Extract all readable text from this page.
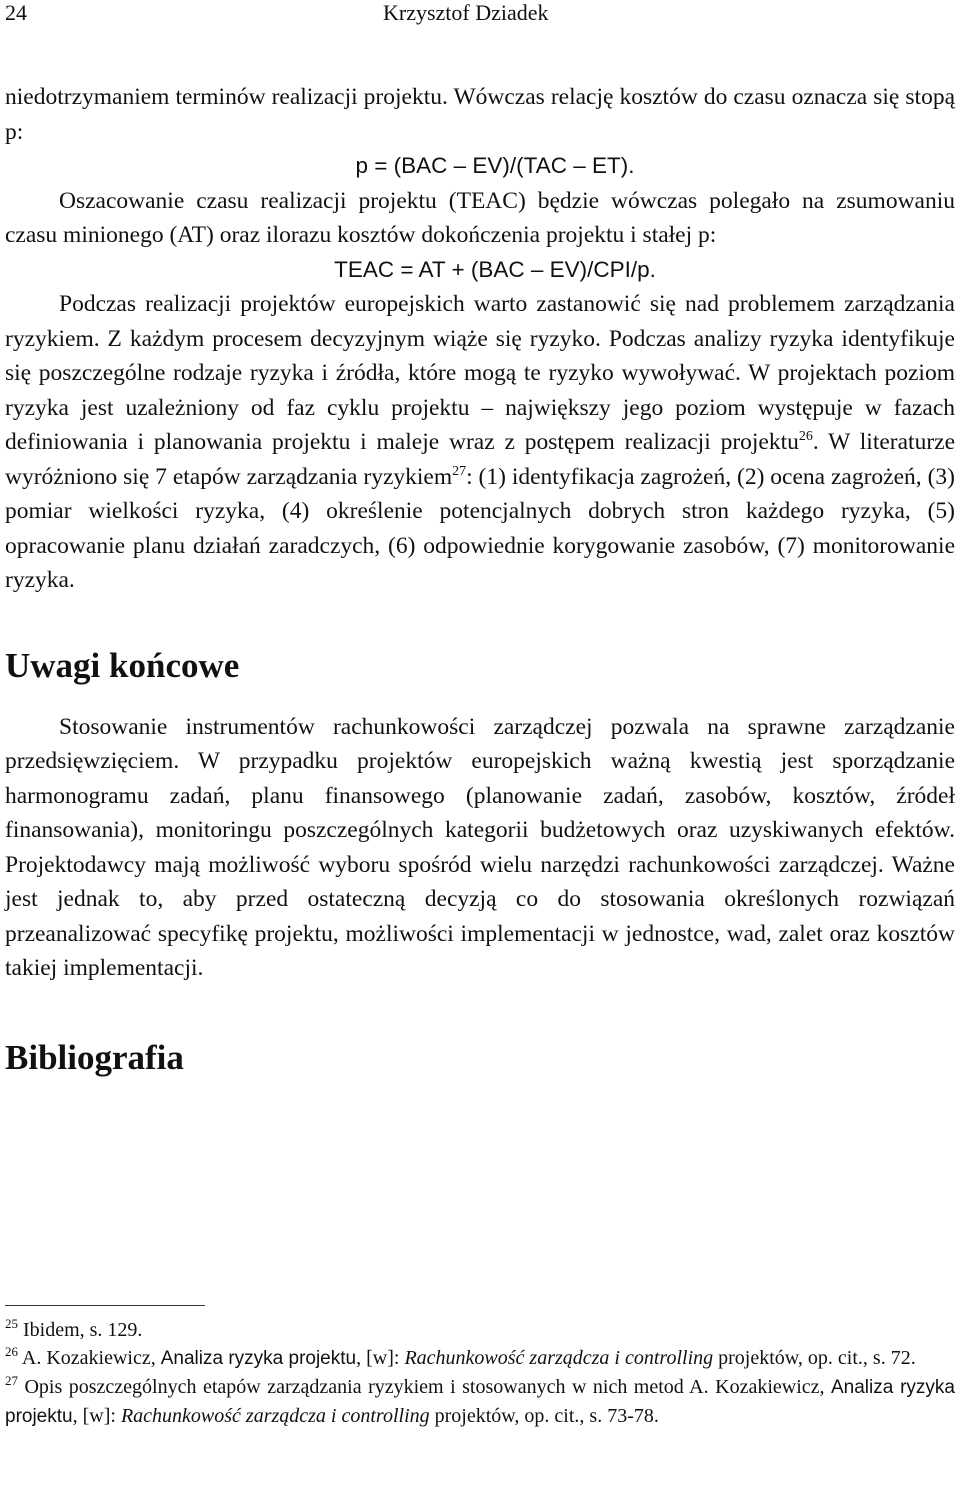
24	Krzysztof Dziadek

niedotrzymaniem terminów realizacji projektu. Wówczas relację kosztów do czasu oznacza się stopą p:

p = (BAC – EV)/(TAC – ET).

Oszacowanie czasu realizacji projektu (TEAC) będzie wówczas polegało na zsumowaniu czasu minionego (AT) oraz ilorazu kosztów dokończenia projektu i stałej p:

TEAC = AT + (BAC – EV)/CPI/p.

Podczas realizacji projektów europejskich warto zastanowić się nad problemem zarządzania ryzykiem. Z każdym procesem decyzyjnym wiąże się ryzyko. Podczas analizy ryzyka identyfikuje się poszczególne rodzaje ryzyka i źródła, które mogą te ryzyko wywoływać. W projektach poziom ryzyka jest uzależniony od faz cyklu projektu – największy jego poziom występuje w fazach definiowania i planowania projektu i maleje wraz z postępem realizacji projektu$^{26}$. W literaturze wyróżniono się 7 etapów zarządzania ryzykiem$^{27}$: (1) identyfikacja zagrożeń, (2) ocena zagrożeń, (3) pomiar wielkości ryzyka, (4) określenie potencjalnych dobrych stron każdego ryzyka, (5) opracowanie planu działań zaradczych, (6) odpowiednie korygowanie zasobów, (7) monitorowanie ryzyka.

Uwagi końcowe

Stosowanie instrumentów rachunkowości zarządczej pozwala na sprawne zarządzanie przedsięwzięciem. W przypadku projektów europejskich ważną kwestią jest sporządzanie harmonogramu zadań, planu finansowego (planowanie zadań, zasobów, kosztów, źródeł finansowania), monitoringu poszczególnych kategorii budżetowych oraz uzyskiwanych efektów. Projektodawcy mają możliwość wyboru spośród wielu narzędzi rachunkowości zarządczej. Ważne jest jednak to, aby przed ostateczną decyzją co do stosowania określonych rozwiązań przeanalizować specyfikę projektu, możliwości implementacji w jednostce, wad, zalet oraz kosztów takiej implementacji.

Bibliografia

$^{25}$ Ibidem, s. 129.

$^{26}$ A. Kozakiewicz, Analiza ryzyka projektu, [w]: Rachunkowość zarządcza i controlling projektów, op. cit., s. 72.

$^{27}$ Opis poszczególnych etapów zarządzania ryzykiem i stosowanych w nich metod A. Kozakiewicz, Analiza ryzyka projektu, [w]: Rachunkowość zarządcza i controlling projektów, op. cit., s. 73-78.
